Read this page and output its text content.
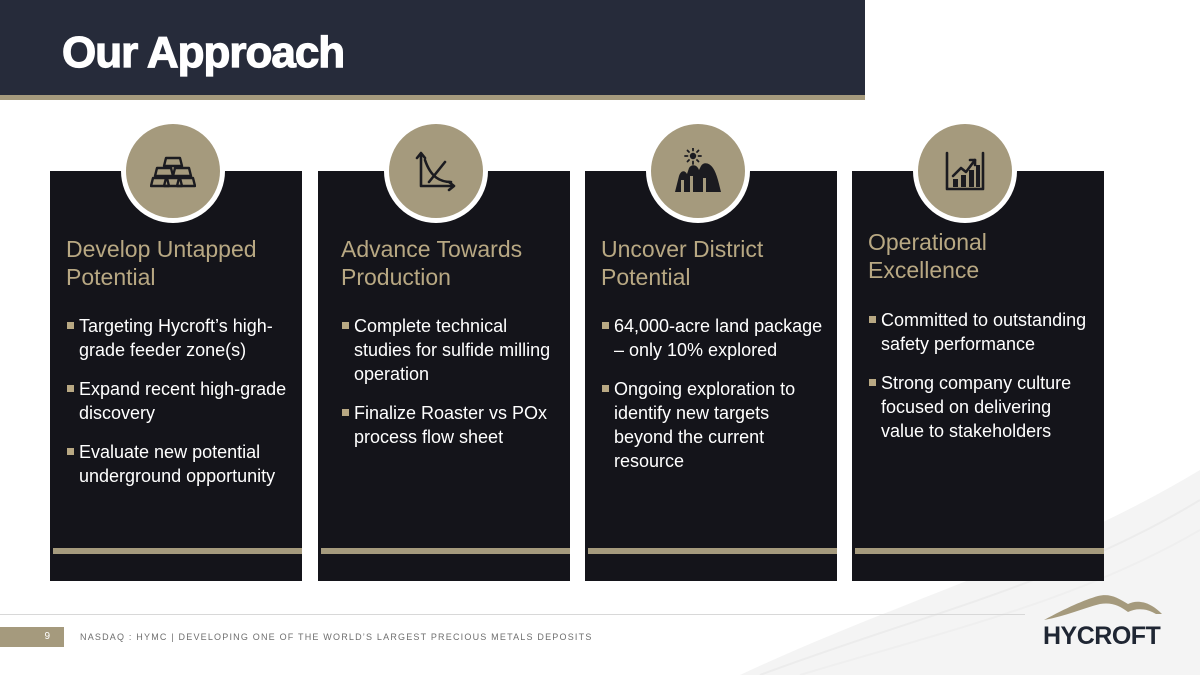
Our Approach
Develop Untapped Potential
Targeting Hycroft’s high-grade feeder zone(s)
Expand recent high-grade discovery
Evaluate new potential underground opportunity
Advance Towards Production
Complete technical studies for sulfide milling operation
Finalize Roaster vs POx process flow sheet
Uncover District Potential
64,000-acre land package – only 10% explored
Ongoing exploration to identify new targets beyond the current resource
Operational Excellence
Committed to outstanding safety performance
Strong company culture focused on delivering value to stakeholders
9	NASDAQ : HYMC | DEVELOPING ONE OF THE WORLD’S LARGEST PRECIOUS METALS DEPOSITS	HYCROFT
